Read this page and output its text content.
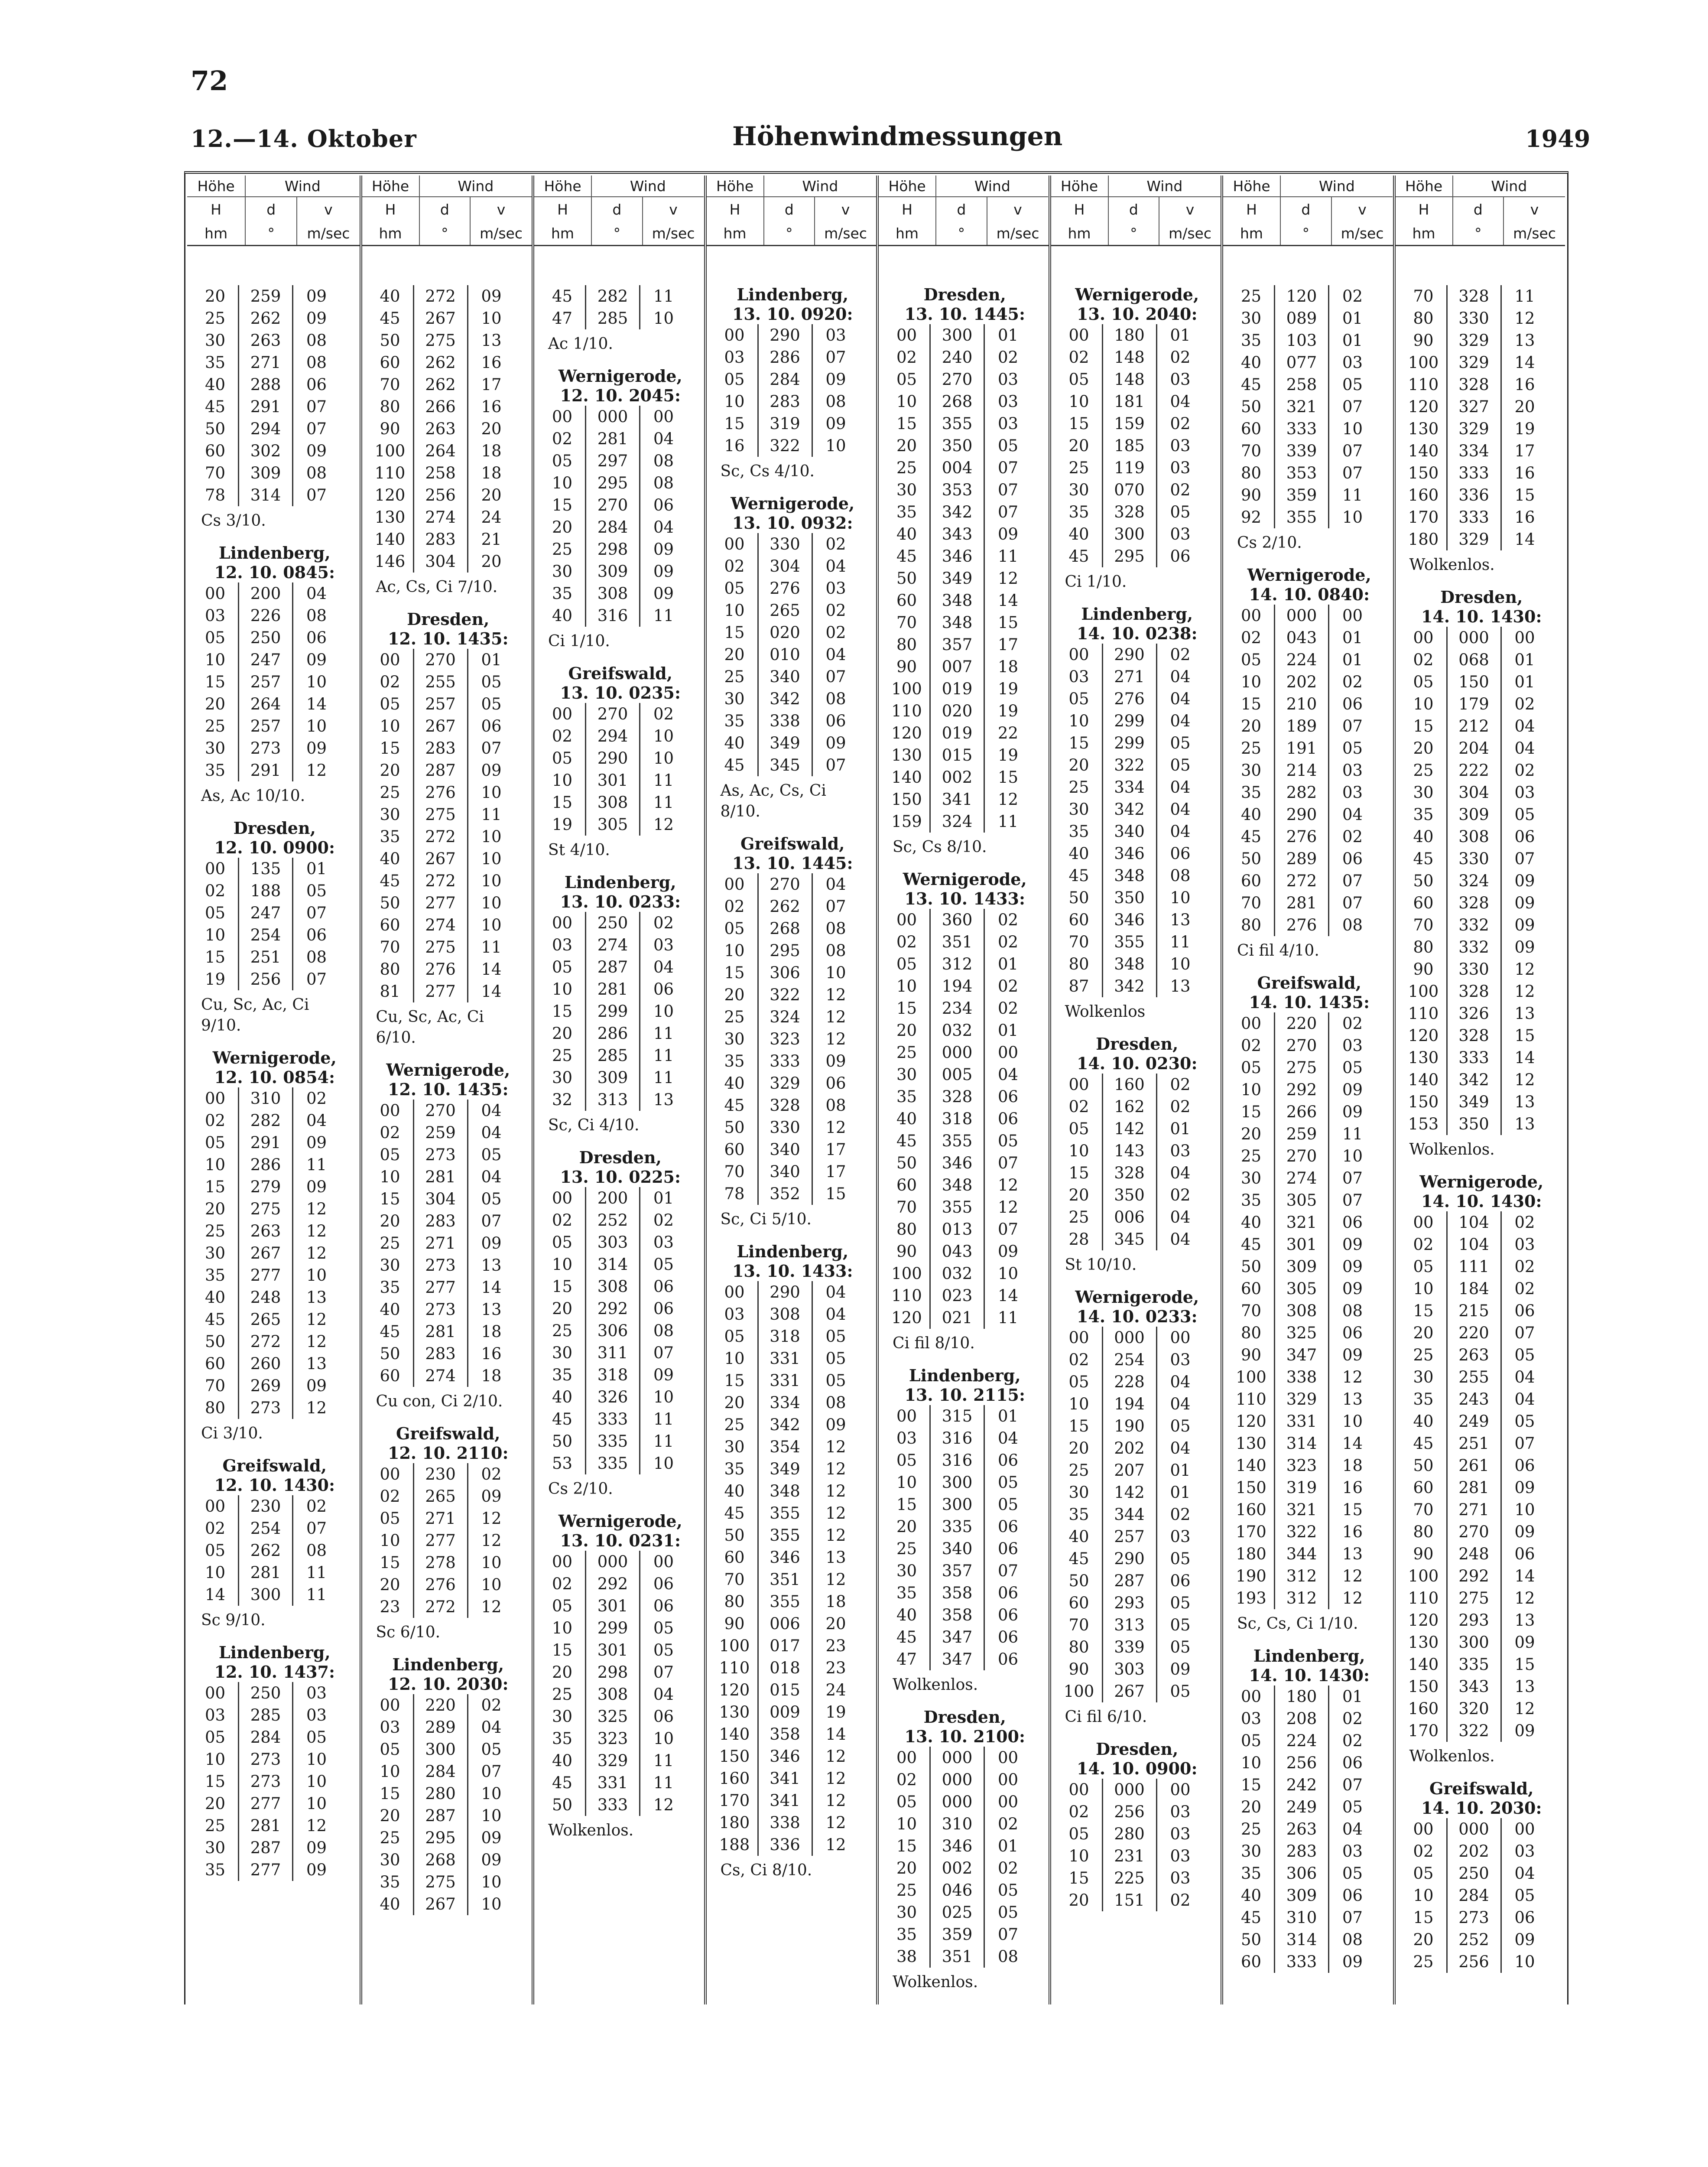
72
12.—14. Oktober	Höhenwindmessungen	1949
Höhe	Wind
H	d	v
hm	°	m/sec
20	259	09
25	262	09
30	263	08
35	271	08
40	288	06
45	291	07
50	294	07
60	302	09
70	309	08
78	314	07
Cs 3/10.
Lindenberg,
12. 10. 0845:
00	200	04
03	226	08
05	250	06
10	247	09
15	257	10
20	264	14
25	257	10
30	273	09
35	291	12
As, Ac 10/10.
Dresden,
12. 10. 0900:
00	135	01
02	188	05
05	247	07
10	254	06
15	251	08
19	256	07
Cu, Sc, Ac, Ci
9/10.
Wernigerode,
12. 10. 0854:
00	310	02
02	282	04
05	291	09
10	286	11
15	279	09
20	275	12
25	263	12
30	267	12
35	277	10
40	248	13
45	265	12
50	272	12
60	260	13
70	269	09
80	273	12
Ci 3/10.
Greifswald,
12. 10. 1430:
00	230	02
02	254	07
05	262	08
10	281	11
14	300	11
Sc 9/10.
Lindenberg,
12. 10. 1437:
00	250	03
03	285	03
05	284	05
10	273	10
15	273	10
20	277	10
25	281	12
30	287	09
35	277	09
Höhe	Wind
H	d	v
hm	°	m/sec
40	272	09
45	267	10
50	275	13
60	262	16
70	262	17
80	266	16
90	263	20
100	264	18
110	258	18
120	256	20
130	274	24
140	283	21
146	304	20
Ac, Cs, Ci 7/10.
Dresden,
12. 10. 1435:
00	270	01
02	255	05
05	257	05
10	267	06
15	283	07
20	287	09
25	276	10
30	275	11
35	272	10
40	267	10
45	272	10
50	277	10
60	274	10
70	275	11
80	276	14
81	277	14
Cu, Sc, Ac, Ci
6/10.
Wernigerode,
12. 10. 1435:
00	270	04
02	259	04
05	273	05
10	281	04
15	304	05
20	283	07
25	271	09
30	273	13
35	277	14
40	273	13
45	281	18
50	283	16
60	274	18
Cu con, Ci 2/10.
Greifswald,
12. 10. 2110:
00	230	02
02	265	09
05	271	12
10	277	12
15	278	10
20	276	10
23	272	12
Sc 6/10.
Lindenberg,
12. 10. 2030:
00	220	02
03	289	04
05	300	05
10	284	07
15	280	10
20	287	10
25	295	09
30	268	09
35	275	10
40	267	10
Höhe	Wind
H	d	v
hm	°	m/sec
45	282	11
47	285	10
Ac 1/10.
Wernigerode,
12. 10. 2045:
00	000	00
02	281	04
05	297	08
10	295	08
15	270	06
20	284	04
25	298	09
30	309	09
35	308	09
40	316	11
Ci 1/10.
Greifswald,
13. 10. 0235:
00	270	02
02	294	10
05	290	10
10	301	11
15	308	11
19	305	12
St 4/10.
Lindenberg,
13. 10. 0233:
00	250	02
03	274	03
05	287	04
10	281	06
15	299	10
20	286	11
25	285	11
30	309	11
32	313	13
Sc, Ci 4/10.
Dresden,
13. 10. 0225:
00	200	01
02	252	02
05	303	03
10	314	05
15	308	06
20	292	06
25	306	08
30	311	07
35	318	09
40	326	10
45	333	11
50	335	11
53	335	10
Cs 2/10.
Wernigerode,
13. 10. 0231:
00	000	00
02	292	06
05	301	06
10	299	05
15	301	05
20	298	07
25	308	04
30	325	06
35	323	10
40	329	11
45	331	11
50	333	12
Wolkenlos.
Höhe	Wind
H	d	v
hm	°	m/sec
Lindenberg,
13. 10. 0920:
00	290	03
03	286	07
05	284	09
10	283	08
15	319	09
16	322	10
Sc, Cs 4/10.
Wernigerode,
13. 10. 0932:
00	330	02
02	304	04
05	276	03
10	265	02
15	020	02
20	010	04
25	340	07
30	342	08
35	338	06
40	349	09
45	345	07
As, Ac, Cs, Ci
8/10.
Greifswald,
13. 10. 1445:
00	270	04
02	262	07
05	268	08
10	295	08
15	306	10
20	322	12
25	324	12
30	323	12
35	333	09
40	329	06
45	328	08
50	330	12
60	340	17
70	340	17
78	352	15
Sc, Ci 5/10.
Lindenberg,
13. 10. 1433:
00	290	04
03	308	04
05	318	05
10	331	05
15	331	05
20	334	08
25	342	09
30	354	12
35	349	12
40	348	12
45	355	12
50	355	12
60	346	13
70	351	12
80	355	18
90	006	20
100	017	23
110	018	23
120	015	24
130	009	19
140	358	14
150	346	12
160	341	12
170	341	12
180	338	12
188	336	12
Cs, Ci 8/10.
Höhe	Wind
H	d	v
hm	°	m/sec
Dresden,
13. 10. 1445:
00	300	01
02	240	02
05	270	03
10	268	03
15	355	03
20	350	05
25	004	07
30	353	07
35	342	07
40	343	09
45	346	11
50	349	12
60	348	14
70	348	15
80	357	17
90	007	18
100	019	19
110	020	19
120	019	22
130	015	19
140	002	15
150	341	12
159	324	11
Sc, Cs 8/10.
Wernigerode,
13. 10. 1433:
00	360	02
02	351	02
05	312	01
10	194	02
15	234	02
20	032	01
25	000	00
30	005	04
35	328	06
40	318	06
45	355	05
50	346	07
60	348	12
70	355	12
80	013	07
90	043	09
100	032	10
110	023	14
120	021	11
Ci fil 8/10.
Lindenberg,
13. 10. 2115:
00	315	01
03	316	04
05	316	06
10	300	05
15	300	05
20	335	06
25	340	06
30	357	07
35	358	06
40	358	06
45	347	06
47	347	06
Wolkenlos.
Dresden,
13. 10. 2100:
00	000	00
02	000	00
05	000	00
10	310	02
15	346	01
20	002	02
25	046	05
30	025	05
35	359	07
38	351	08
Wolkenlos.
Höhe	Wind
H	d	v
hm	°	m/sec
Wernigerode,
13. 10. 2040:
00	180	01
02	148	02
05	148	03
10	181	04
15	159	02
20	185	03
25	119	03
30	070	02
35	328	05
40	300	03
45	295	06
Ci 1/10.
Lindenberg,
14. 10. 0238:
00	290	02
03	271	04
05	276	04
10	299	04
15	299	05
20	322	05
25	334	04
30	342	04
35	340	04
40	346	06
45	348	08
50	350	10
60	346	13
70	355	11
80	348	10
87	342	13
Wolkenlos
Dresden,
14. 10. 0230:
00	160	02
02	162	02
05	142	01
10	143	03
15	328	04
20	350	02
25	006	04
28	345	04
St 10/10.
Wernigerode,
14. 10. 0233:
00	000	00
02	254	03
05	228	04
10	194	04
15	190	05
20	202	04
25	207	01
30	142	01
35	344	02
40	257	03
45	290	05
50	287	06
60	293	05
70	313	05
80	339	05
90	303	09
100	267	05
Ci fil 6/10.
Dresden,
14. 10. 0900:
00	000	00
02	256	03
05	280	03
10	231	03
15	225	03
20	151	02
Höhe	Wind
H	d	v
hm	°	m/sec
25	120	02
30	089	01
35	103	01
40	077	03
45	258	05
50	321	07
60	333	10
70	339	07
80	353	07
90	359	11
92	355	10
Cs 2/10.
Wernigerode,
14. 10. 0840:
00	000	00
02	043	01
05	224	01
10	202	02
15	210	06
20	189	07
25	191	05
30	214	03
35	282	03
40	290	04
45	276	02
50	289	06
60	272	07
70	281	07
80	276	08
Ci fil 4/10.
Greifswald,
14. 10. 1435:
00	220	02
02	270	03
05	275	05
10	292	09
15	266	09
20	259	11
25	270	10
30	274	07
35	305	07
40	321	06
45	301	09
50	309	09
60	305	09
70	308	08
80	325	06
90	347	09
100	338	12
110	329	13
120	331	10
130	314	14
140	323	18
150	319	16
160	321	15
170	322	16
180	344	13
190	312	12
193	312	12
Sc, Cs, Ci 1/10.
Lindenberg,
14. 10. 1430:
00	180	01
03	208	02
05	224	02
10	256	06
15	242	07
20	249	05
25	263	04
30	283	03
35	306	05
40	309	06
45	310	07
50	314	08
60	333	09
Höhe	Wind
H	d	v
hm	°	m/sec
70	328	11
80	330	12
90	329	13
100	329	14
110	328	16
120	327	20
130	329	19
140	334	17
150	333	16
160	336	15
170	333	16
180	329	14
Wolkenlos.
Dresden,
14. 10. 1430:
00	000	00
02	068	01
05	150	01
10	179	02
15	212	04
20	204	04
25	222	02
30	304	03
35	309	05
40	308	06
45	330	07
50	324	09
60	328	09
70	332	09
80	332	09
90	330	12
100	328	12
110	326	13
120	328	15
130	333	14
140	342	12
150	349	13
153	350	13
Wolkenlos.
Wernigerode,
14. 10. 1430:
00	104	02
02	104	03
05	111	02
10	184	02
15	215	06
20	220	07
25	263	05
30	255	04
35	243	04
40	249	05
45	251	07
50	261	06
60	281	09
70	271	10
80	270	09
90	248	06
100	292	14
110	275	12
120	293	13
130	300	09
140	335	15
150	343	13
160	320	12
170	322	09
Wolkenlos.
Greifswald,
14. 10. 2030:
00	000	00
02	202	03
05	250	04
10	284	05
15	273	06
20	252	09
25	256	10
